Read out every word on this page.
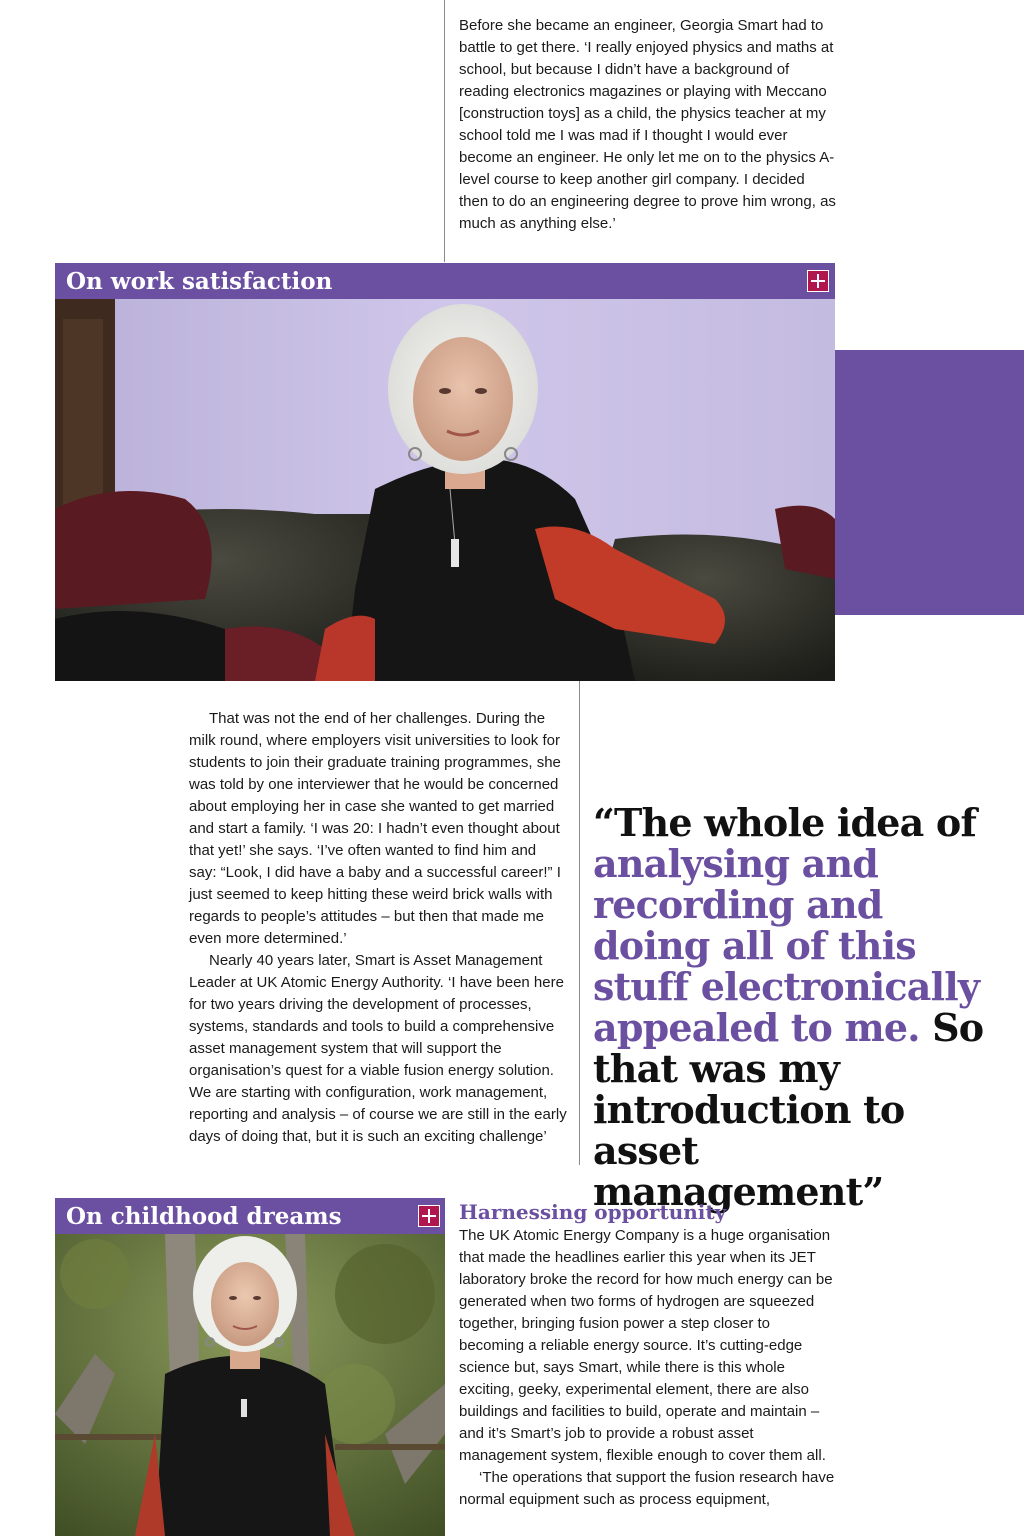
Before she became an engineer, Georgia Smart had to battle to get there. ‘I really enjoyed physics and maths at school, but because I didn’t have a background of reading electronics magazines or playing with Meccano [construction toys] as a child, the physics teacher at my school told me I was mad if I thought I would ever become an engineer. He only let me on to the physics A-level course to keep another girl company. I decided then to do an engineering degree to prove him wrong, as much as anything else.’

On work satisfaction

That was not the end of her challenges. During the milk round, where employers visit universities to look for students to join their graduate training programmes, she was told by one interviewer that he would be concerned about employing her in case she wanted to get married and start a family. ‘I was 20: I hadn’t even thought about that yet!’ she says. ‘I’ve often wanted to find him and say: “Look, I did have a baby and a successful career!” I just seemed to keep hitting these weird brick walls with regards to people’s attitudes – but then that made me even more determined.’

Nearly 40 years later, Smart is Asset Management Leader at UK Atomic Energy Authority. ‘I have been here for two years driving the development of processes, systems, standards and tools to build a comprehensive asset management system that will support the organisation’s quest for a viable fusion energy solution. We are starting with configuration, work management, reporting and analysis – of course we are still in the early days of doing that, but it is such an exciting challenge’

“The whole idea of analysing and recording and doing all of this stuff electronically appealed to me. So that was my introduction to asset management”

On childhood dreams	Harnessing opportunity

The UK Atomic Energy Company is a huge organisation that made the headlines earlier this year when its JET laboratory broke the record for how much energy can be generated when two forms of hydrogen are squeezed together, bringing fusion power a step closer to becoming a reliable energy source. It’s cutting-edge science but, says Smart, while there is this whole exciting, geeky, experimental element, there are also buildings and facilities to build, operate and maintain – and it’s Smart’s job to provide a robust asset management system, flexible enough to cover them all.

‘The operations that support the fusion research have normal equipment such as process equipment,
